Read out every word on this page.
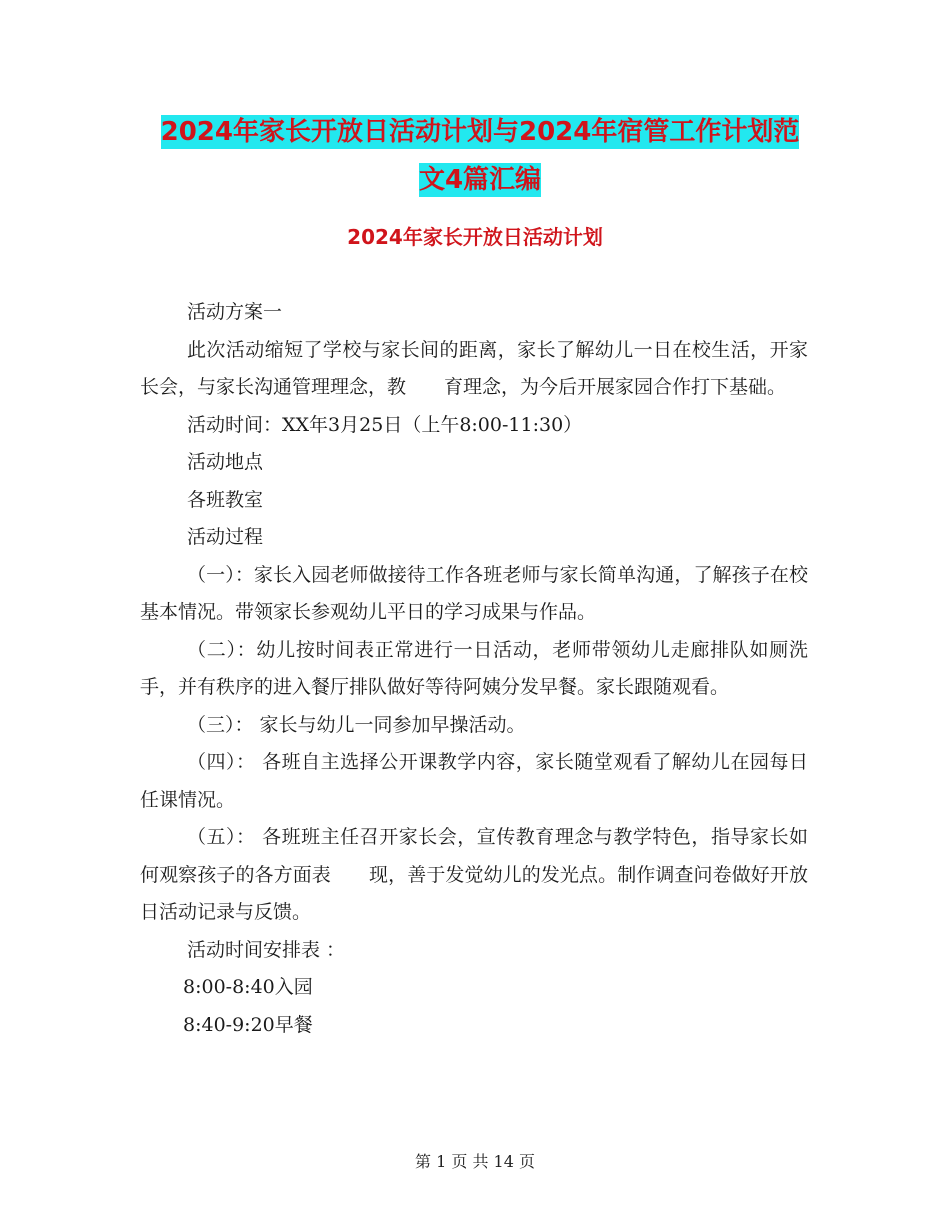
2024年家长开放日活动计划与2024年宿管工作计划范
文4篇汇编
2024年家长开放日活动计划

活动方案一

此次活动缩短了学校与家长间的距离，家长了解幼儿一日在校生活，开家长会，与家长沟通管理理念，教　　育理念，为今后开展家园合作打下基础。

活动时间：XX年3月25日（上午8:00-11:30）

活动地点

各班教室

活动过程

（一）：家长入园老师做接待工作各班老师与家长简单沟通，了解孩子在校基本情况。带领家长参观幼儿平日的学习成果与作品。

（二）：幼儿按时间表正常进行一日活动，老师带领幼儿走廊排队如厕洗手，并有秩序的进入餐厅排队做好等待阿姨分发早餐。家长跟随观看。

（三）： 家长与幼儿一同参加早操活动。

（四）： 各班自主选择公开课教学内容，家长随堂观看了解幼儿在园每日任课情况。

（五）： 各班班主任召开家长会，宣传教育理念与教学特色，指导家长如何观察孩子的各方面表　　现，善于发觉幼儿的发光点。制作调查问卷做好开放日活动记录与反馈。

活动时间安排表 ：

8:00-8:40入园

8:40-9:20早餐

第 1 页 共 14 页
